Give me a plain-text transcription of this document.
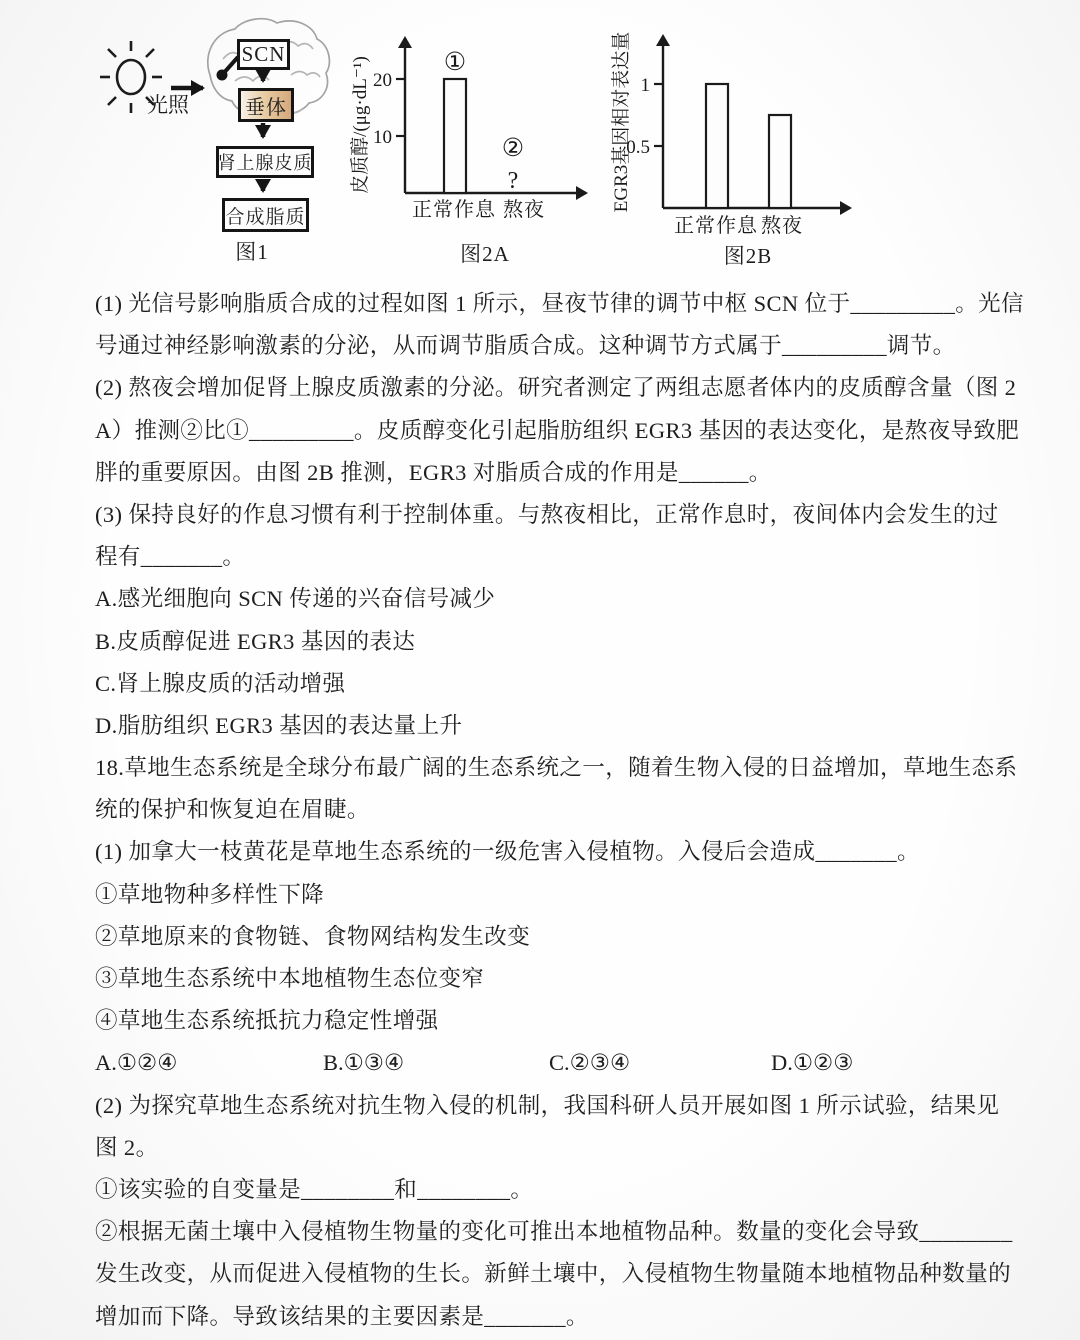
光照
SCN
垂体
肾上腺皮质
合成脂质
图1
20
10
皮质醇/(μg·dL⁻¹)	①
②
?
正常作息 熬夜
图2A
1
0.5
EGR3基因相对表达量
正常作息 熬夜
图2B
(1) 光信号影响脂质合成的过程如图 1 所示，昼夜节律的调节中枢 SCN 位于_________。光信
号通过神经影响激素的分泌，从而调节脂质合成。这种调节方式属于_________调节。
(2) 熬夜会增加促肾上腺皮质激素的分泌。研究者测定了两组志愿者体内的皮质醇含量（图 2
A）推测②比①_________。皮质醇变化引起脂肪组织 EGR3 基因的表达变化，是熬夜导致肥
胖的重要原因。由图 2B 推测，EGR3 对脂质合成的作用是______。
(3) 保持良好的作息习惯有利于控制体重。与熬夜相比，正常作息时，夜间体内会发生的过
程有_______。
A.感光细胞向 SCN 传递的兴奋信号减少
B.皮质醇促进 EGR3 基因的表达
C.肾上腺皮质的活动增强
D.脂肪组织 EGR3 基因的表达量上升
18.草地生态系统是全球分布最广阔的生态系统之一，随着生物入侵的日益增加，草地生态系
统的保护和恢复迫在眉睫。
(1) 加拿大一枝黄花是草地生态系统的一级危害入侵植物。入侵后会造成_______。
①草地物种多样性下降
②草地原来的食物链、食物网结构发生改变
③草地生态系统中本地植物生态位变窄
④草地生态系统抵抗力稳定性增强
A.①②④	B.①③④	C.②③④	D.①②③
(2) 为探究草地生态系统对抗生物入侵的机制，我国科研人员开展如图 1 所示试验，结果见
图 2。
①该实验的自变量是________和________。
②根据无菌土壤中入侵植物生物量的变化可推出本地植物品种。数量的变化会导致________
发生改变，从而促进入侵植物的生长。新鲜土壤中，入侵植物生物量随本地植物品种数量的
增加而下降。导致该结果的主要因素是_______。
